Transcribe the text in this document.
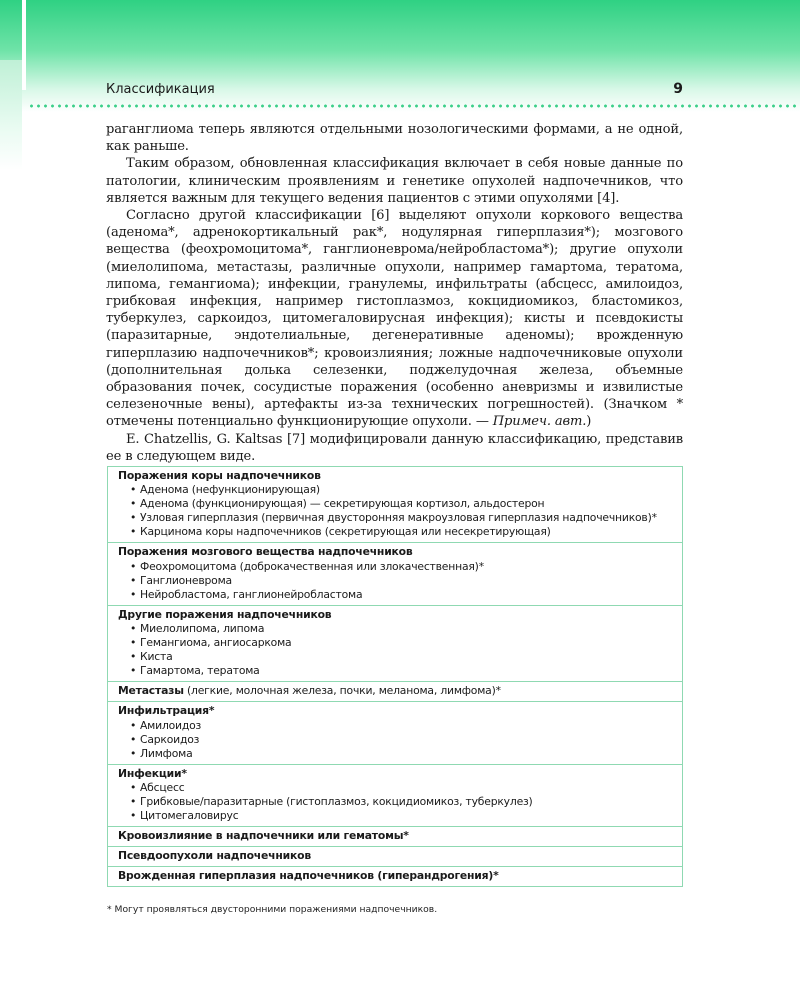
Классификация	9

раганглиома теперь являются отдельными нозологическими формами, а не одной, как раньше.

Таким образом, обновленная классификация включает в себя новые данные по патологии, клиническим проявлениям и генетике опухолей надпочечников, что является важным для текущего ведения пациентов с этими опухолями [4].

Согласно другой классификации [6] выделяют опухоли коркового вещества (аденома*, адренокортикальный рак*, нодулярная гиперплазия*); мозгового вещества (феохромоцитома*, ганглионеврома/нейробластома*); другие опухоли (миелолипома, метастазы, различные опухоли, например гамартома, тератома, липома, гемангиома); инфекции, гранулемы, инфильтраты (абсцесс, амилоидоз, грибковая инфекция, например гистоплазмоз, кокцидиомикоз, бластомикоз, туберкулез, саркоидоз, цитомегаловирусная инфекция); кисты и псевдокисты (паразитарные, эндотелиальные, дегенеративные аденомы); врожденную гиперплазию надпочечников*; кровоизлияния; ложные надпочечниковые опухоли (дополнительная долька селезенки, поджелудочная железа, объемные образования почек, сосудистые поражения (особенно аневризмы и извилистые селезеночные вены), артефакты из-за технических погрешностей). (Значком * отмечены потенциально функционирующие опухоли. — Примеч. авт.)

E. Chatzellis, G. Kaltsas [7] модифицировали данную классификацию, представив ее в следующем виде.

Поражения коры надпочечников
• Аденома (нефункционирующая)
• Аденома (функционирующая) — секретирующая кортизол, альдостерон
• Узловая гиперплазия (первичная двусторонняя макроузловая гиперплазия надпочечников)*
• Карцинома коры надпочечников (секретирующая или несекретирующая)

Поражения мозгового вещества надпочечников
• Феохромоцитома (доброкачественная или злокачественная)*
• Ганглионеврома
• Нейробластома, ганглионейробластома

Другие поражения надпочечников
• Миелолипома, липома
• Гемангиома, ангиосаркома
• Киста
• Гамартома, тератома

Метастазы (легкие, молочная железа, почки, меланома, лимфома)*

Инфильтрация*
• Амилоидоз
• Саркоидоз
• Лимфома

Инфекции*
• Абсцесс
• Грибковые/паразитарные (гистоплазмоз, кокцидиомикоз, туберкулез)
• Цитомегаловирус

Кровоизлияние в надпочечники или гематомы*

Псевдоопухоли надпочечников

Врожденная гиперплазия надпочечников (гиперандрогения)*
* Могут проявляться двусторонними поражениями надпочечников.
